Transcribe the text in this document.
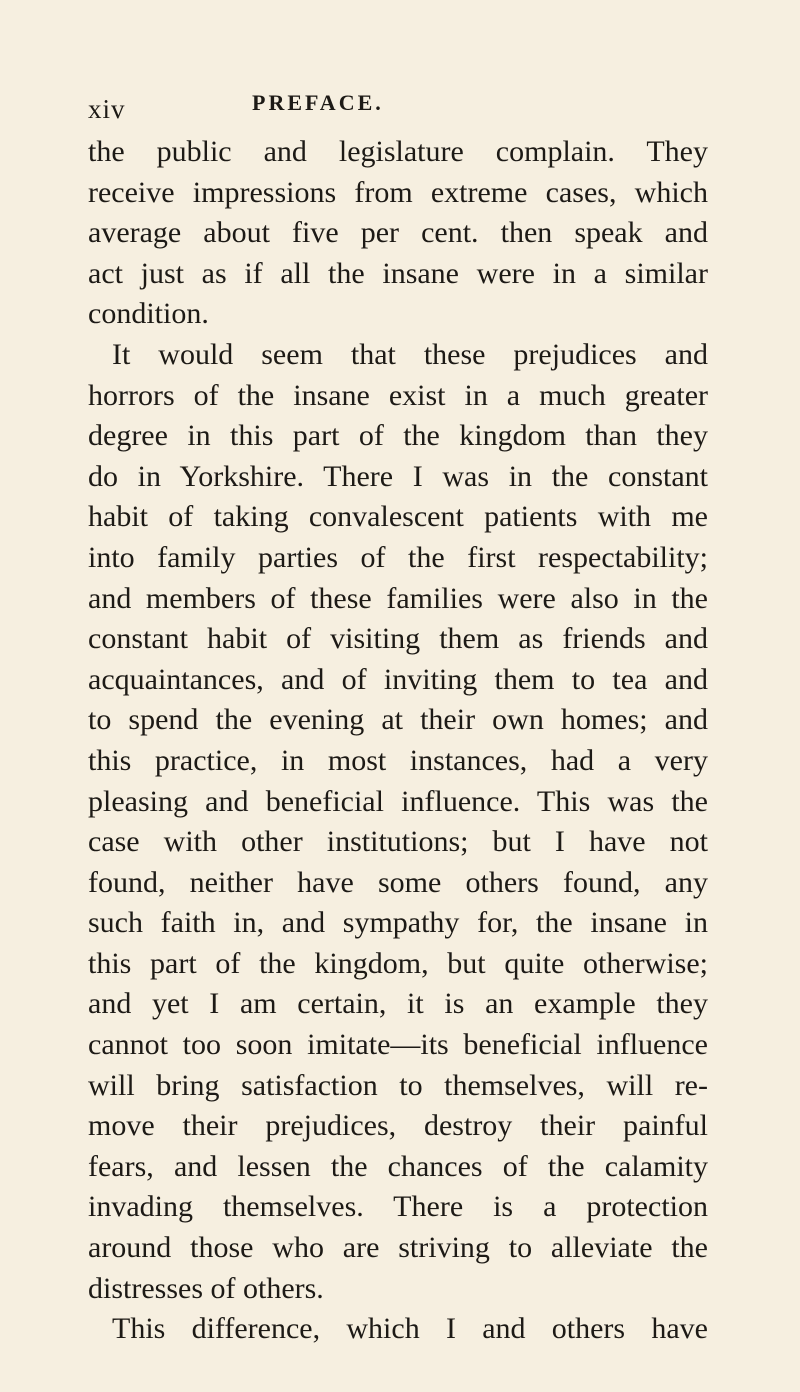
xiv	PREFACE.
the public and legislature complain. They
receive impressions from extreme cases, which
average about five per cent. then speak and
act just as if all the insane were in a similar
condition.
It would seem that these prejudices and
horrors of the insane exist in a much greater
degree in this part of the kingdom than they
do in Yorkshire. There I was in the constant
habit of taking convalescent patients with me
into family parties of the first respectability;
and members of these families were also in the
constant habit of visiting them as friends and
acquaintances, and of inviting them to tea and
to spend the evening at their own homes; and
this practice, in most instances, had a very
pleasing and beneficial influence. This was the
case with other institutions; but I have not
found, neither have some others found, any
such faith in, and sympathy for, the insane in
this part of the kingdom, but quite otherwise;
and yet I am certain, it is an example they
cannot too soon imitate—its beneficial influence
will bring satisfaction to themselves, will re-
move their prejudices, destroy their painful
fears, and lessen the chances of the calamity
invading themselves. There is a protection
around those who are striving to alleviate the
distresses of others.
This difference, which I and others have
